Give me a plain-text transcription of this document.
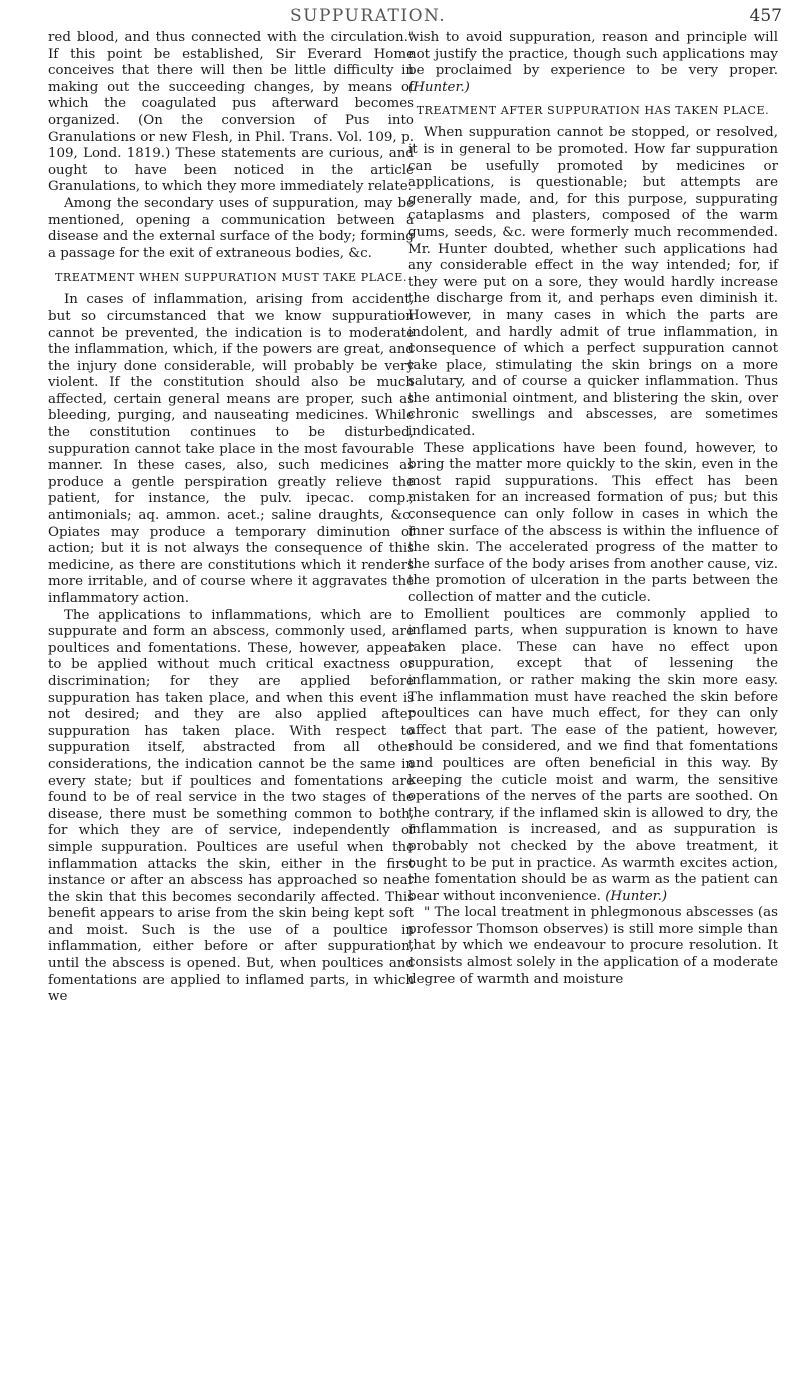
SUPPURATION.	457

red blood, and thus connected with the circulation." If this point be established, Sir Everard Home conceives that there will then be little difficulty in making out the succeeding changes, by means of which the coagulated pus afterward becomes organized. (On the conversion of Pus into Granulations or new Flesh, in Phil. Trans. Vol. 109, p. 109, Lond. 1819.) These statements are curious, and ought to have been noticed in the article Granulations, to which they more immediately relate.

Among the secondary uses of suppuration, may be mentioned, opening a communication between a disease and the external surface of the body; forming a passage for the exit of extraneous bodies, &c.

TREATMENT WHEN SUPPURATION MUST TAKE PLACE.

In cases of inflammation, arising from accident, but so circumstanced that we know suppuration cannot be prevented, the indication is to moderate the inflammation, which, if the powers are great, and the injury done considerable, will probably be very violent. If the constitution should also be much affected, certain general means are proper, such as bleeding, purging, and nauseating medicines. While the constitution continues to be disturbed, suppuration cannot take place in the most favourable manner. In these cases, also, such medicines as produce a gentle perspiration greatly relieve the patient, for instance, the pulv. ipecac. comp.; antimonials; aq. ammon. acet.; saline draughts, &c. Opiates may produce a temporary diminution of action; but it is not always the consequence of this medicine, as there are constitutions which it renders more irritable, and of course where it aggravates the inflammatory action.

The applications to inflammations, which are to suppurate and form an abscess, commonly used, are poultices and fomentations. These, however, appear to be applied without much critical exactness or discrimination; for they are applied before suppuration has taken place, and when this event is not desired; and they are also applied after suppuration has taken place. With respect to suppuration itself, abstracted from all other considerations, the indication cannot be the same in every state; but if poultices and fomentations are found to be of real service in the two stages of the disease, there must be something common to both, for which they are of service, independently of simple suppuration. Poultices are useful when the inflammation attacks the skin, either in the first instance or after an abscess has approached so near the skin that this becomes secondarily affected. This benefit appears to arise from the skin being kept soft and moist. Such is the use of a poultice in inflammation, either before or after suppuration, until the abscess is opened. But, when poultices and fomentations are applied to inflamed parts, in which we

wish to avoid suppuration, reason and principle will not justify the practice, though such applications may be proclaimed by experience to be very proper. (Hunter.)

TREATMENT AFTER SUPPURATION HAS TAKEN PLACE.

When suppuration cannot be stopped, or resolved, it is in general to be promoted. How far suppuration can be usefully promoted by medicines or applications, is questionable; but attempts are generally made, and, for this purpose, suppurating cataplasms and plasters, composed of the warm gums, seeds, &c. were formerly much recommended. Mr. Hunter doubted, whether such applications had any considerable effect in the way intended; for, if they were put on a sore, they would hardly increase the discharge from it, and perhaps even diminish it. However, in many cases in which the parts are indolent, and hardly admit of true inflammation, in consequence of which a perfect suppuration cannot take place, stimulating the skin brings on a more salutary, and of course a quicker inflammation. Thus the antimonial ointment, and blistering the skin, over chronic swellings and abscesses, are sometimes indicated.

These applications have been found, however, to bring the matter more quickly to the skin, even in the most rapid suppurations. This effect has been mistaken for an increased formation of pus; but this consequence can only follow in cases in which the inner surface of the abscess is within the influence of the skin. The accelerated progress of the matter to the surface of the body arises from another cause, viz. the promotion of ulceration in the parts between the collection of matter and the cuticle.

Emollient poultices are commonly applied to inflamed parts, when suppuration is known to have taken place. These can have no effect upon suppuration, except that of lessening the inflammation, or rather making the skin more easy. The inflammation must have reached the skin before poultices can have much effect, for they can only affect that part. The ease of the patient, however, should be considered, and we find that fomentations and poultices are often beneficial in this way. By keeping the cuticle moist and warm, the sensitive operations of the nerves of the parts are soothed. On the contrary, if the inflamed skin is allowed to dry, the inflammation is increased, and as suppuration is probably not checked by the above treatment, it ought to be put in practice. As warmth excites action, the fomentation should be as warm as the patient can bear without inconvenience. (Hunter.)

" The local treatment in phlegmonous abscesses (as professor Thomson observes) is still more simple than that by which we endeavour to procure resolution. It consists almost solely in the application of a moderate degree of warmth and moisture
